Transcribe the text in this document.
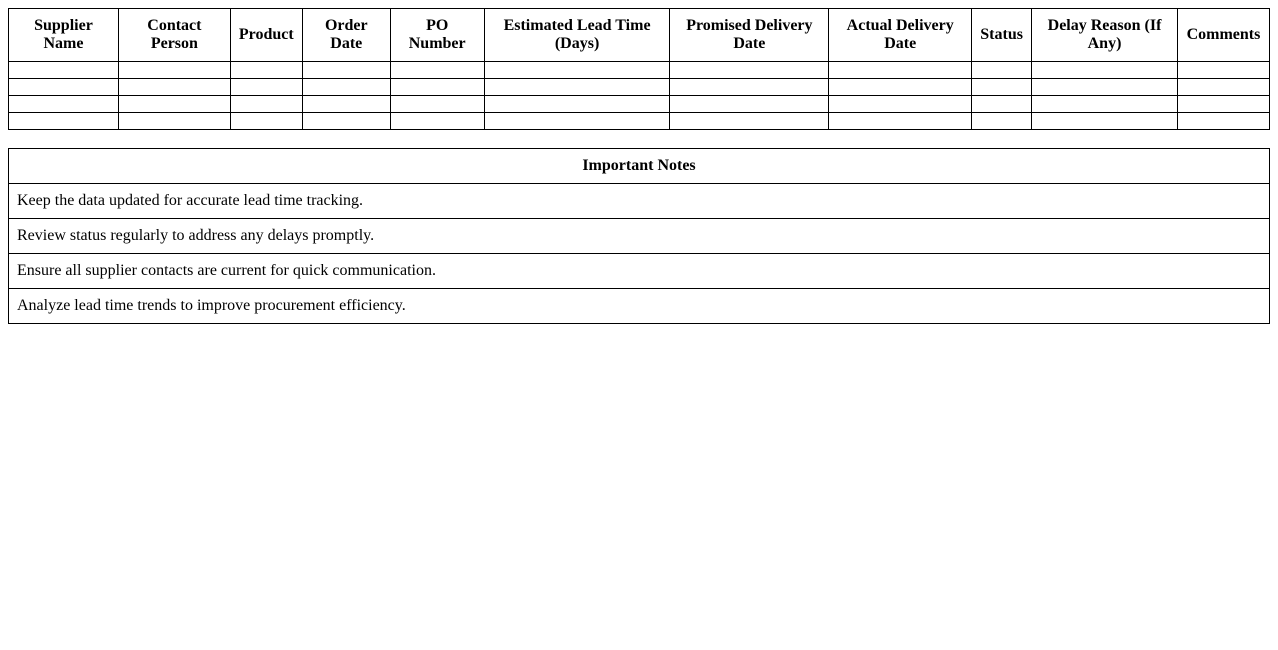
Supplier Name	Contact Person	Product	Order Date	PO Number	Estimated Lead Time (Days)	Promised Delivery Date	Actual Delivery Date	Status	Delay Reason (If Any)	Comments

Important Notes
Keep the data updated for accurate lead time tracking.
Review status regularly to address any delays promptly.
Ensure all supplier contacts are current for quick communication.
Analyze lead time trends to improve procurement efficiency.
